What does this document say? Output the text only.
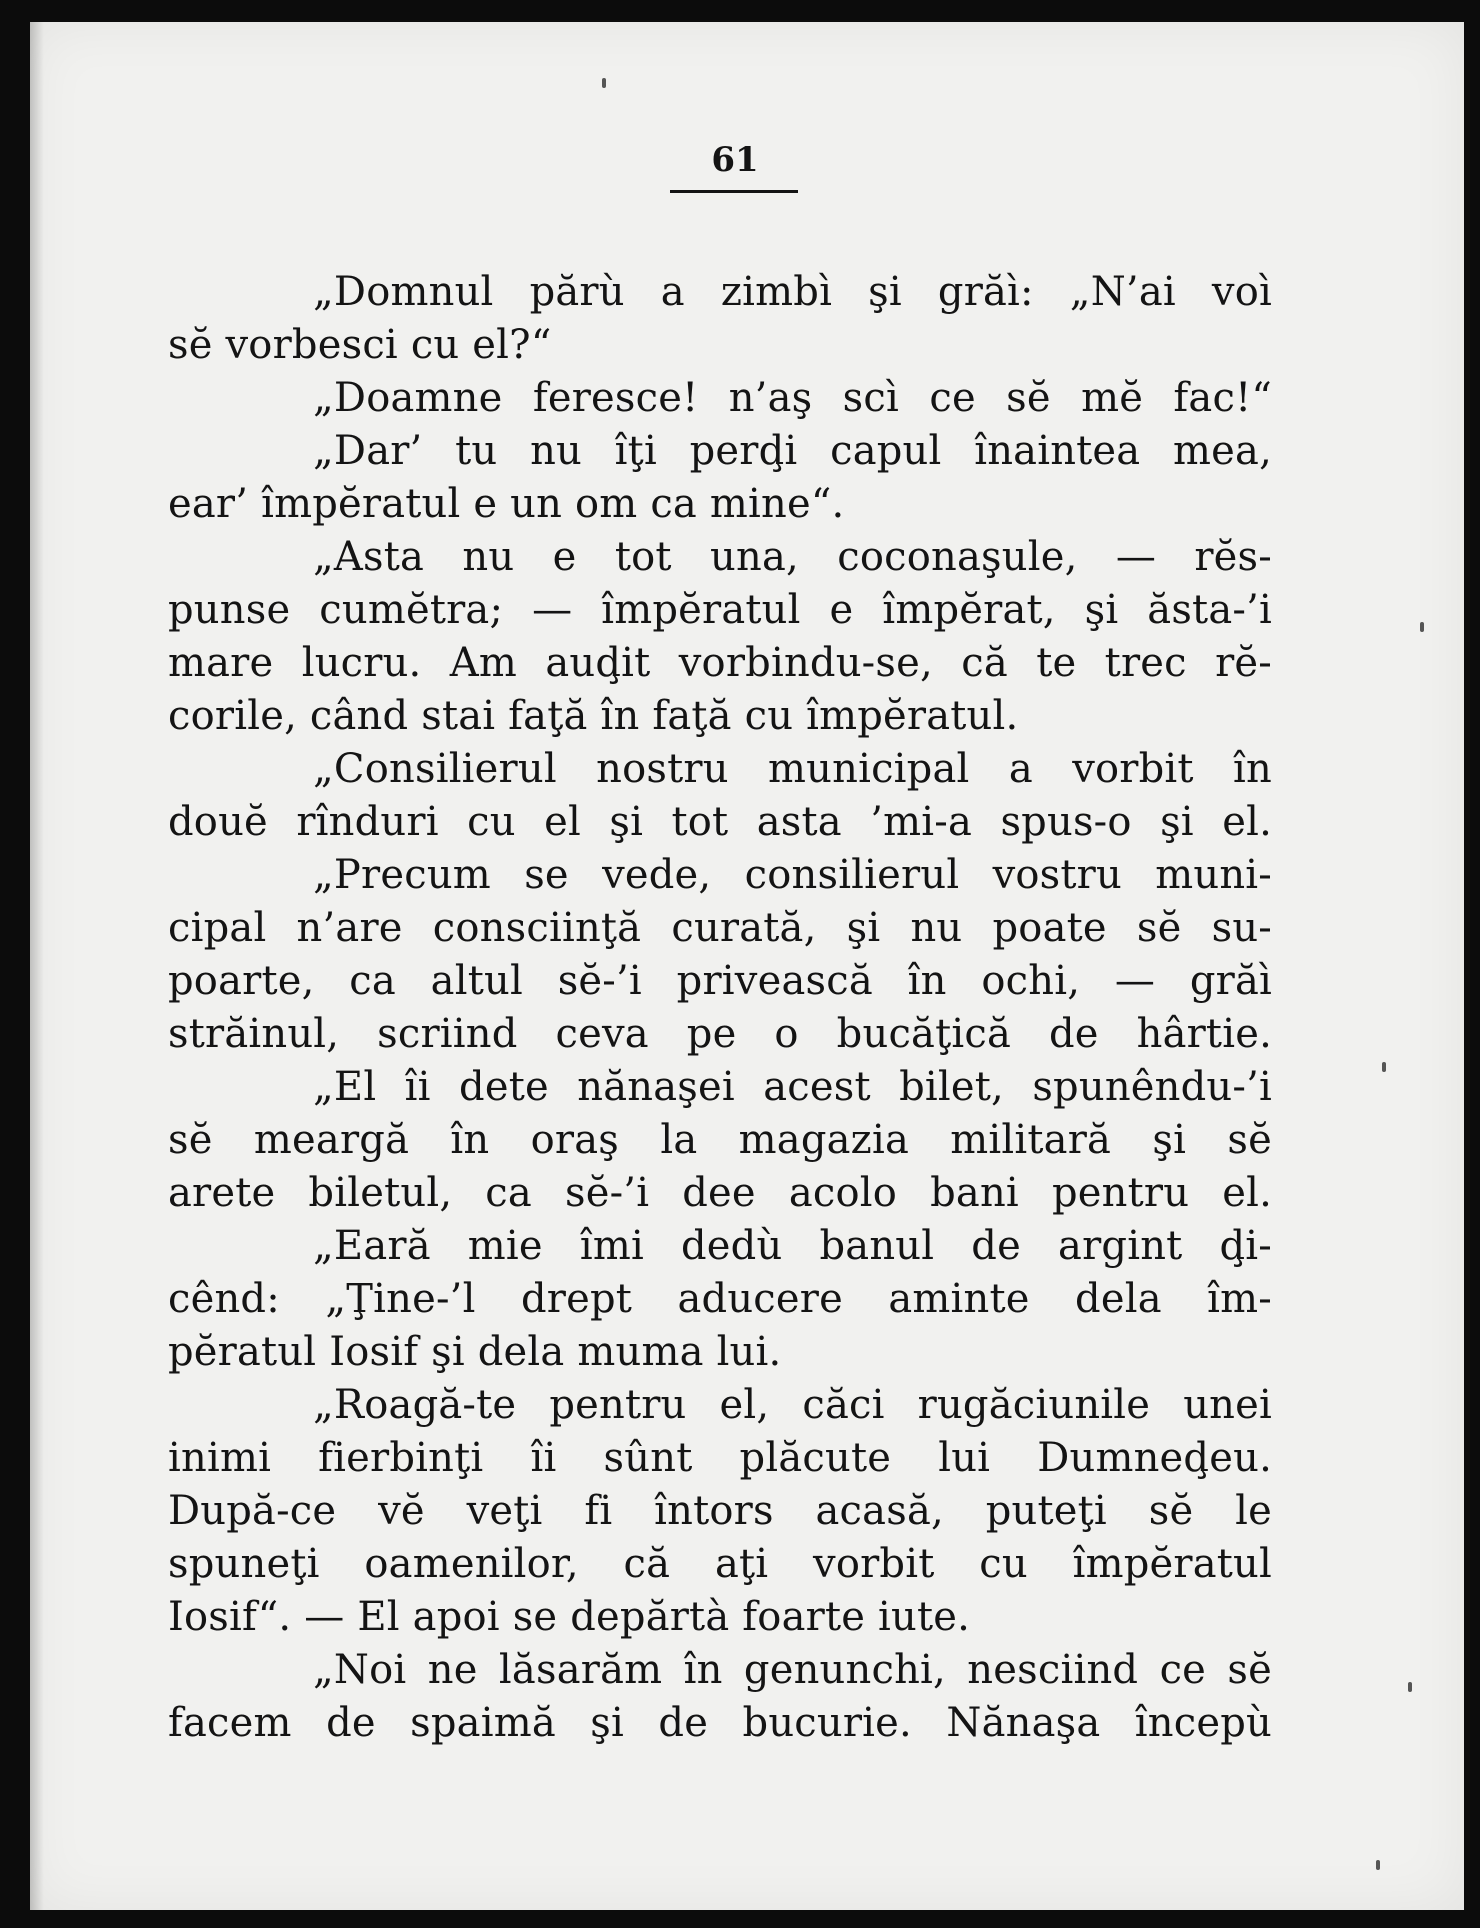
61
„Domnul părù a zimbì şi grăì: „N’ai voì
sĕ vorbesci cu el?“
„Doamne feresce! n’aş scì ce sĕ mĕ fac!“
„Dar’ tu nu îţi perḑi capul înaintea mea,
ear’ împĕratul e un om ca mine“.
„Asta nu e tot una, coconaşule, — rĕs-
punse cumĕtra; — împĕratul e împĕrat, şi ăsta-’i
mare lucru. Am auḑit vorbindu-se, că te trec rĕ-
corile, când stai faţă în faţă cu împĕratul.
„Consilierul nostru municipal a vorbit în
douĕ rînduri cu el şi tot asta ’mi-a spus-o şi el.
„Precum se vede, consilierul vostru muni-
cipal n’are consciinţă curată, şi nu poate sĕ su-
poarte, ca altul sĕ-’i privească în ochi, — grăì
străinul, scriind ceva pe o bucăţică de hârtie.
„El îi dete nănaşei acest bilet, spunêndu-’i
sĕ meargă în oraş la magazia militară şi sĕ
arete biletul, ca sĕ-’i dee acolo bani pentru el.
„Eară mie îmi dedù banul de argint ḑi-
cênd: „Ţine-’l drept aducere aminte dela îm-
pĕratul Iosif şi dela muma lui.
„Roagă-te pentru el, căci rugăciunile unei
inimi fierbinţi îi sûnt plăcute lui Dumneḑeu.
După-ce vĕ veţi fi întors acasă, puteţi sĕ le
spuneţi oamenilor, că aţi vorbit cu împĕratul
Iosif“. — El apoi se depărtà foarte iute.
„Noi ne lăsarăm în genunchi, nesciind ce sĕ
facem de spaimă şi de bucurie. Nănaşa începù
